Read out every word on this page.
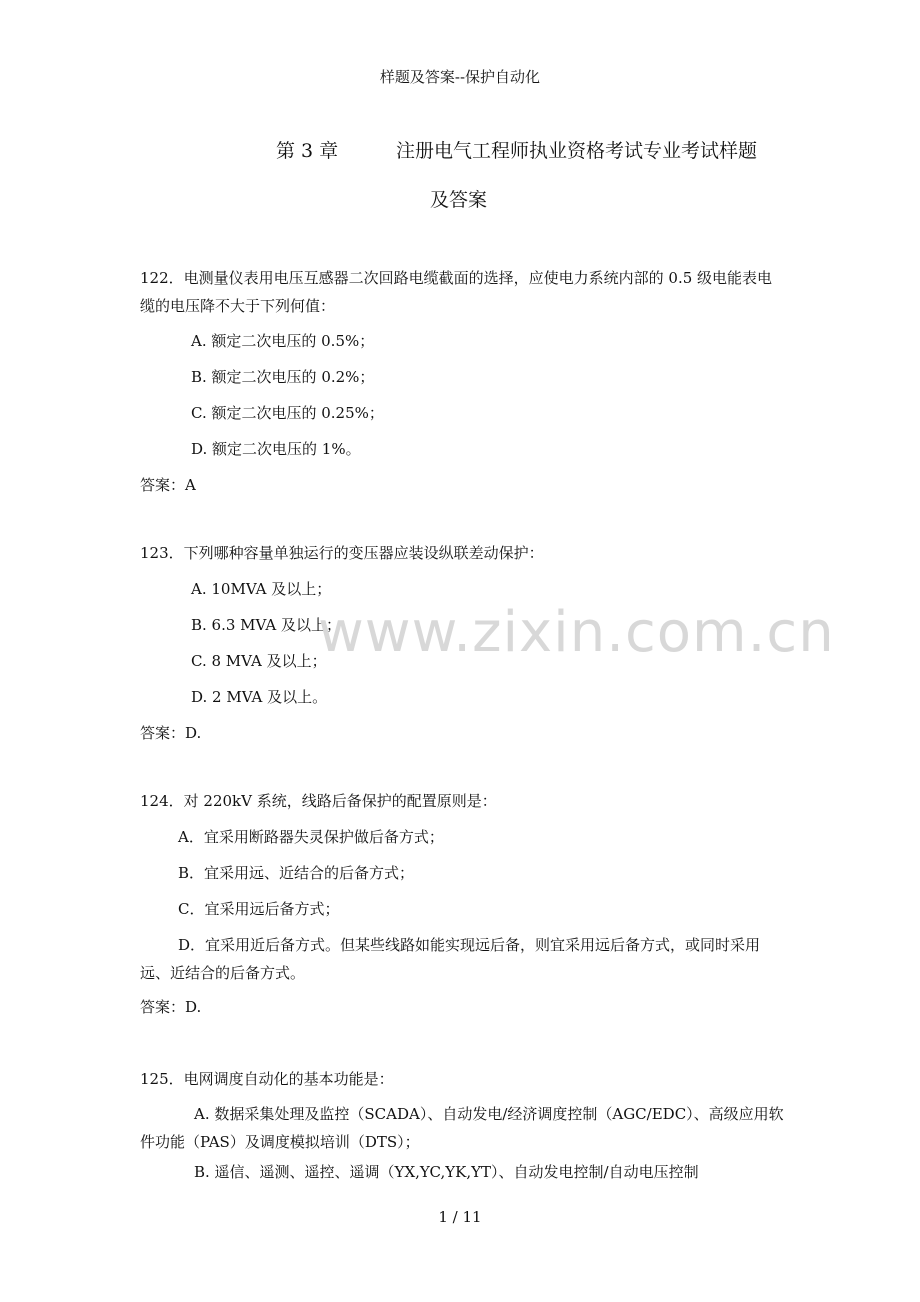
样题及答案--保护自动化
第 3 章	注册电气工程师执业资格考试专业考试样题
及答案
122．电测量仪表用电压互感器二次回路电缆截面的选择，应使电力系统内部的 0.5 级电能表电缆的电压降不大于下列何值：
A. 额定二次电压的 0.5%；
B. 额定二次电压的 0.2%；
C. 额定二次电压的 0.25%；
D. 额定二次电压的 1%。
答案：A
123．下列哪种容量单独运行的变压器应装设纵联差动保护：
A. 10MVA 及以上；
B. 6.3 MVA 及以上；
C. 8 MVA 及以上；
D. 2 MVA 及以上。
答案：D.
124．对 220kV 系统，线路后备保护的配置原则是：
A．宜采用断路器失灵保护做后备方式；
B．宜采用远、近结合的后备方式；
C．宜采用远后备方式；
D．宜采用近后备方式。但某些线路如能实现远后备，则宜采用远后备方式，或同时采用远、近结合的后备方式。
答案：D.
125．电网调度自动化的基本功能是：
A. 数据采集处理及监控（SCADA）、自动发电/经济调度控制（AGC/EDC）、高级应用软件功能（PAS）及调度模拟培训（DTS）；
B. 遥信、遥测、遥控、遥调（YX,YC,YK,YT）、自动发电控制/自动电压控制
www.zixin.com.cn
1 / 11
